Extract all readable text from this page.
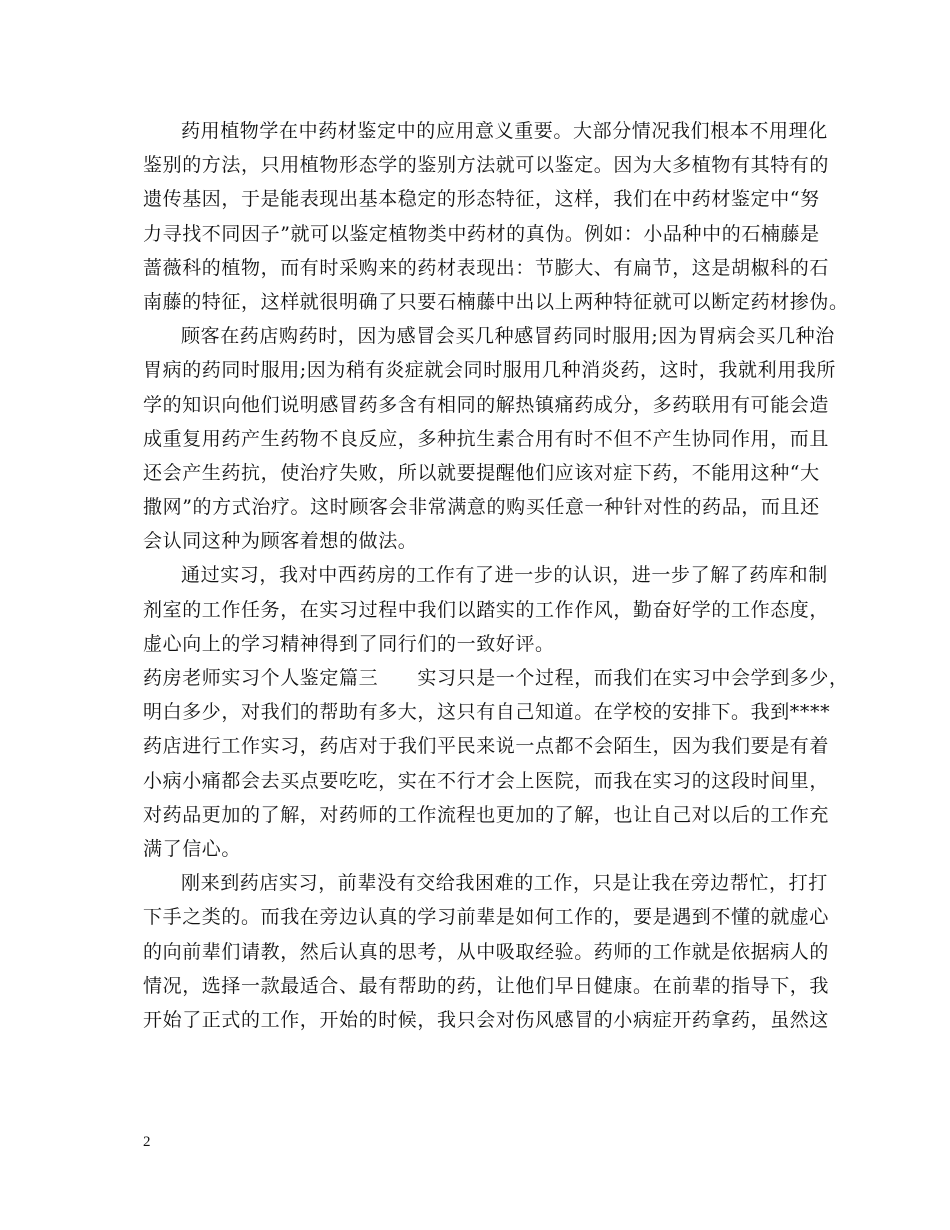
药用植物学在中药材鉴定中的应用意义重要。大部分情况我们根本不用理化
鉴别的方法，只用植物形态学的鉴别方法就可以鉴定。因为大多植物有其特有的
遗传基因，于是能表现出基本稳定的形态特征，这样，我们在中药材鉴定中“努
力寻找不同因子”就可以鉴定植物类中药材的真伪。例如：小品种中的石楠藤是
蔷薇科的植物，而有时采购来的药材表现出：节膨大、有扁节，这是胡椒科的石
南藤的特征，这样就很明确了只要石楠藤中出以上两种特征就可以断定药材掺伪。
顾客在药店购药时，因为感冒会买几种感冒药同时服用;因为胃病会买几种治
胃病的药同时服用;因为稍有炎症就会同时服用几种消炎药，这时，我就利用我所
学的知识向他们说明感冒药多含有相同的解热镇痛药成分，多药联用有可能会造
成重复用药产生药物不良反应，多种抗生素合用有时不但不产生协同作用，而且
还会产生药抗，使治疗失败，所以就要提醒他们应该对症下药，不能用这种“大
撒网”的方式治疗。这时顾客会非常满意的购买任意一种针对性的药品，而且还
会认同这种为顾客着想的做法。
通过实习，我对中西药房的工作有了进一步的认识，进一步了解了药库和制
剂室的工作任务，在实习过程中我们以踏实的工作作风，勤奋好学的工作态度，
虚心向上的学习精神得到了同行们的一致好评。
药房老师实习个人鉴定篇三　　实习只是一个过程，而我们在实习中会学到多少，
明白多少，对我们的帮助有多大，这只有自己知道。在学校的安排下。我到****
药店进行工作实习，药店对于我们平民来说一点都不会陌生，因为我们要是有着
小病小痛都会去买点要吃吃，实在不行才会上医院，而我在实习的这段时间里，
对药品更加的了解，对药师的工作流程也更加的了解，也让自己对以后的工作充
满了信心。
刚来到药店实习，前辈没有交给我困难的工作，只是让我在旁边帮忙，打打
下手之类的。而我在旁边认真的学习前辈是如何工作的，要是遇到不懂的就虚心
的向前辈们请教，然后认真的思考，从中吸取经验。药师的工作就是依据病人的
情况，选择一款最适合、最有帮助的药，让他们早日健康。在前辈的指导下，我
开始了正式的工作，开始的时候，我只会对伤风感冒的小病症开药拿药，虽然这
2
